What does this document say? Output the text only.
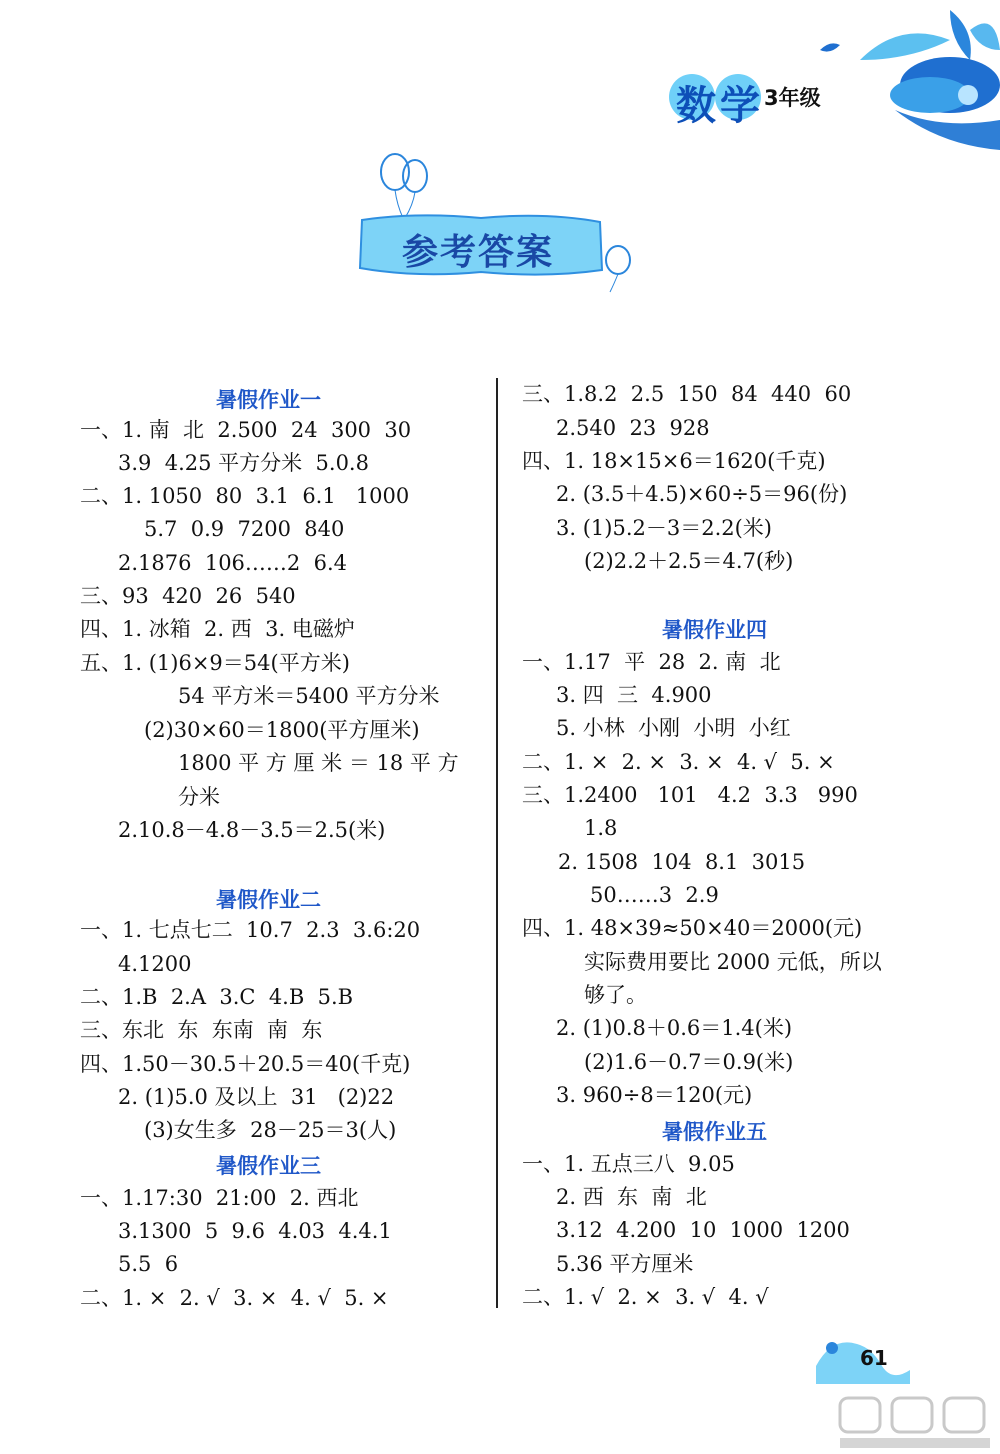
数学 3年级
参考答案
暑假作业一
一、1. 南  北  2.500  24  300  30
3.9  4.25 平方分米  5.0.8
二、1. 1050  80  3.1  6.1   1000
5.7  0.9  7200  840
2.1876  106……2  6.4
三、93  420  26  540
四、1. 冰箱  2. 西  3. 电磁炉
五、1. (1)6×9＝54(平方米)
54 平方米＝5400 平方分米
(2)30×60＝1800(平方厘米)
1800 平 方 厘 米 ＝ 18 平 方
分米
2.10.8－4.8－3.5＝2.5(米)
暑假作业二
一、1. 七点七二  10.7  2.3  3.6:20
4.1200
二、1.B  2.A  3.C  4.B  5.B
三、东北  东  东南  南  东
四、1.50－30.5＋20.5＝40(千克)
2. (1)5.0 及以上  31   (2)22
(3)女生多  28－25＝3(人)
暑假作业三
一、1.17:30  21:00  2. 西北
3.1300  5  9.6  4.03  4.4.1
5.5  6
二、1. ×  2. √  3. ×  4. √  5. ×
三、1.8.2  2.5  150  84  440  60
2.540  23  928
四、1. 18×15×6＝1620(千克)
2. (3.5＋4.5)×60÷5＝96(份)
3. (1)5.2－3＝2.2(米)
(2)2.2＋2.5＝4.7(秒)
暑假作业四
一、1.17  平  28  2. 南  北
3. 四  三  4.900
5. 小林  小刚  小明  小红
二、1. ×  2. ×  3. ×  4. √  5. ×
三、1.2400   101   4.2  3.3   990
1.8
2. 1508  104  8.1  3015
50……3  2.9
四、1. 48×39≈50×40＝2000(元)
实际费用要比 2000 元低，所以
够了。
2. (1)0.8＋0.6＝1.4(米)
(2)1.6－0.7＝0.9(米)
3. 960÷8＝120(元)
暑假作业五
一、1. 五点三八  9.05
2. 西  东  南  北
3.12  4.200  10  1000  1200
5.36 平方厘米
二、1. √  2. ×  3. √  4. √
61
